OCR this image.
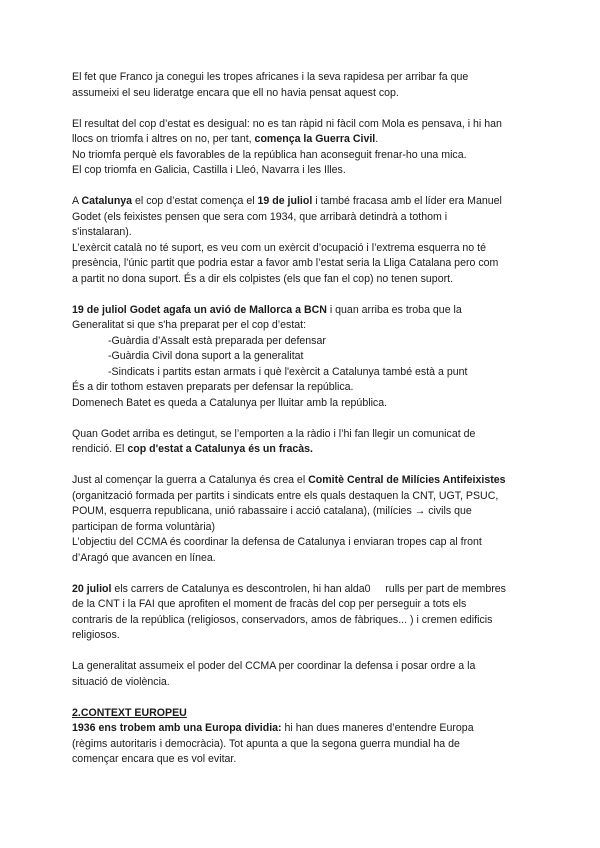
El fet que Franco ja conegui les tropes africanes i la seva rapidesa per arribar fa que
assumeixi el seu lideratge encara que ell no havia pensat aquest cop.
El resultat del cop d’estat es desigual: no es tan ràpid ni fàcil com Mola es pensava, i hi han
llocs on triomfa i altres on no, per tant, comença la Guerra Civil.
No triomfa perquè els favorables de la república han aconseguit frenar-ho una mica.
El cop triomfa en Galicia, Castilla i Lleó, Navarra i les Illes.
A Catalunya el cop d’estat comença el 19 de juliol i també fracasa amb el líder era Manuel
Godet (els feixistes pensen que sera com 1934, que arribarà detindrà a tothom i
s'instalaran).
L’exèrcit català no té suport, es veu com un exèrcit d’ocupació i l’extrema esquerra no té
presència, l’únic partit que podria estar a favor amb l’estat seria la Lliga Catalana pero com
a partit no dona suport. És a dir els colpistes (els que fan el cop) no tenen suport.
19 de juliol Godet agafa un avió de Mallorca a BCN i quan arriba es troba que la
Generalitat si que s'ha preparat per el cop d’estat:
-Guàrdia d’Assalt està preparada per defensar
-Guàrdia Civil dona suport a la generalitat
-Sindicats i partits estan armats i què l'exèrcit a Catalunya també està a punt
És a dir tothom estaven preparats per defensar la república.
Domenech Batet es queda a Catalunya per lluitar amb la república.
Quan Godet arriba es detingut, se l’emporten a la ràdio i l’hi fan llegir un comunicat de
rendició. El cop d'estat a Catalunya és un fracàs.
Just al començar la guerra a Catalunya és crea el Comitè Central de Milícies Antifeixistes
(organització formada per partits i sindicats entre els quals destaquen la CNT, UGT, PSUC,
POUM, esquerra republicana, unió rabassaire i acció catalana), (milícies → civils que
participan de forma voluntària)
L’objectiu del CCMA és coordinar la defensa de Catalunya i enviaran tropes cap al front
d’Aragó que avancen en línea.
20 juliol els carrers de Catalunya es descontrolen, hi han alda0     rulls per part de membres
de la CNT i la FAI que aprofiten el moment de fracàs del cop per perseguir a tots els
contraris de la república (religiosos, conservadors, amos de fàbriques... ) i cremen edificis
religiosos.
La generalitat assumeix el poder del CCMA per coordinar la defensa i posar ordre a la
situació de violència.
2.CONTEXT EUROPEU
1936 ens trobem amb una Europa dividia: hi han dues maneres d’entendre Europa
(règims autoritaris i democràcia). Tot apunta a que la segona guerra mundial ha de
començar encara que es vol evitar.
